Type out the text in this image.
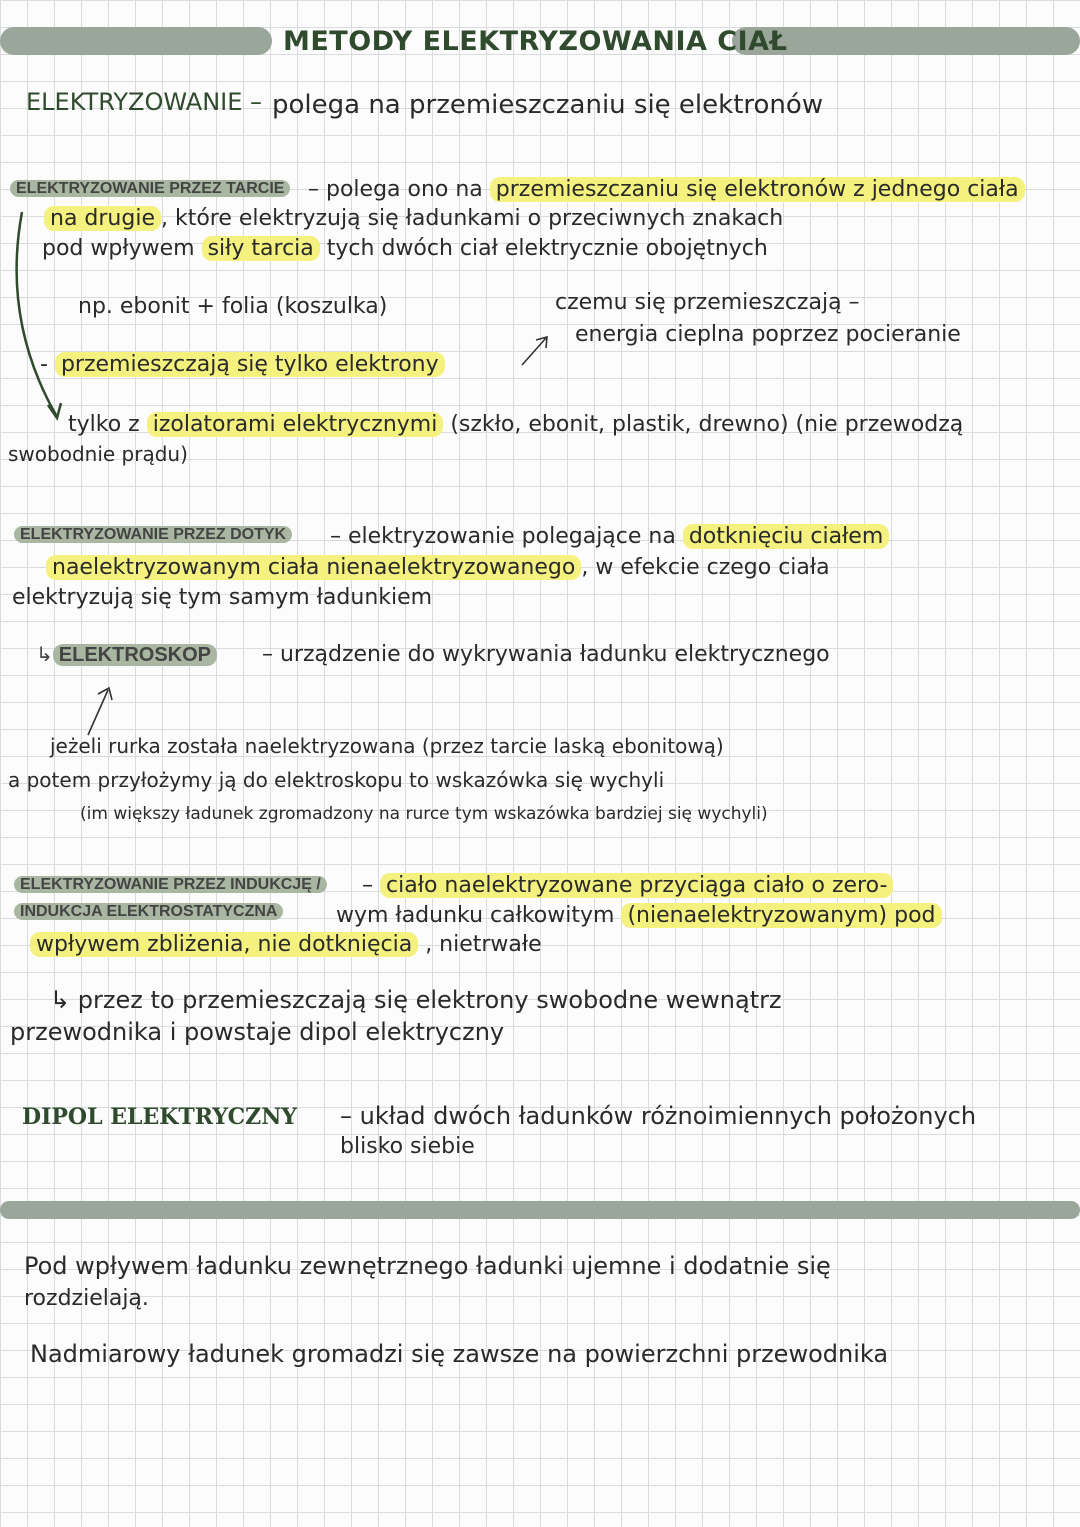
METODY ELEKTRYZOWANIA CIAŁ
ELEKTRYZOWANIE – polega na przemieszczaniu się elektronów
ELEKTRYZOWANIE PRZEZ TARCIE – polega ono na przemieszczaniu się elektronów z jednego ciała
na drugie , które elektryzują się ładunkami o przeciwnych znakach
pod wpływem siły tarcia tych dwóch ciał elektrycznie obojętnych
np. ebonit + folia (koszulka)	czemu się przemieszczają –
energia cieplna poprzez pocieranie
- przemieszczają się tylko elektrony
tylko z izolatorami elektrycznymi (szkło, ebonit, plastik, drewno) (nie przewodzą
swobodnie prądu)
ELEKTRYZOWANIE PRZEZ DOTYK – elektryzowanie polegające na dotknięciu ciałem
naelektryzowanym ciała nienaelektryzowanego , w efekcie czego ciała
elektryzują się tym samym ładunkiem
↳ ELEKTROSKOP – urządzenie do wykrywania ładunku elektrycznego
jeżeli rurka została naelektryzowana (przez tarcie laską ebonitową)
a potem przyłożymy ją do elektroskopu to wskazówka się wychyli
(im większy ładunek zgromadzony na rurce tym wskazówka bardziej się wychyli)
ELEKTRYZOWANIE PRZEZ INDUKCJĘ /
INDUKCJA ELEKTROSTATYCZNA
– ciało naelektryzowane przyciąga ciało o zero-
wym ładunku całkowitym (nienaelektryzowanym) pod
wpływem zbliżenia, nie dotknięcia , nietrwałe
↳ przez to przemieszczają się elektrony swobodne wewnątrz
przewodnika i powstaje dipol elektryczny
DIPOL ELEKTRYCZNY – układ dwóch ładunków różnoimiennych położonych
blisko siebie
Pod wpływem ładunku zewnętrznego ładunki ujemne i dodatnie się
rozdzielają.
Nadmiarowy ładunek gromadzi się zawsze na powierzchni przewodnika
